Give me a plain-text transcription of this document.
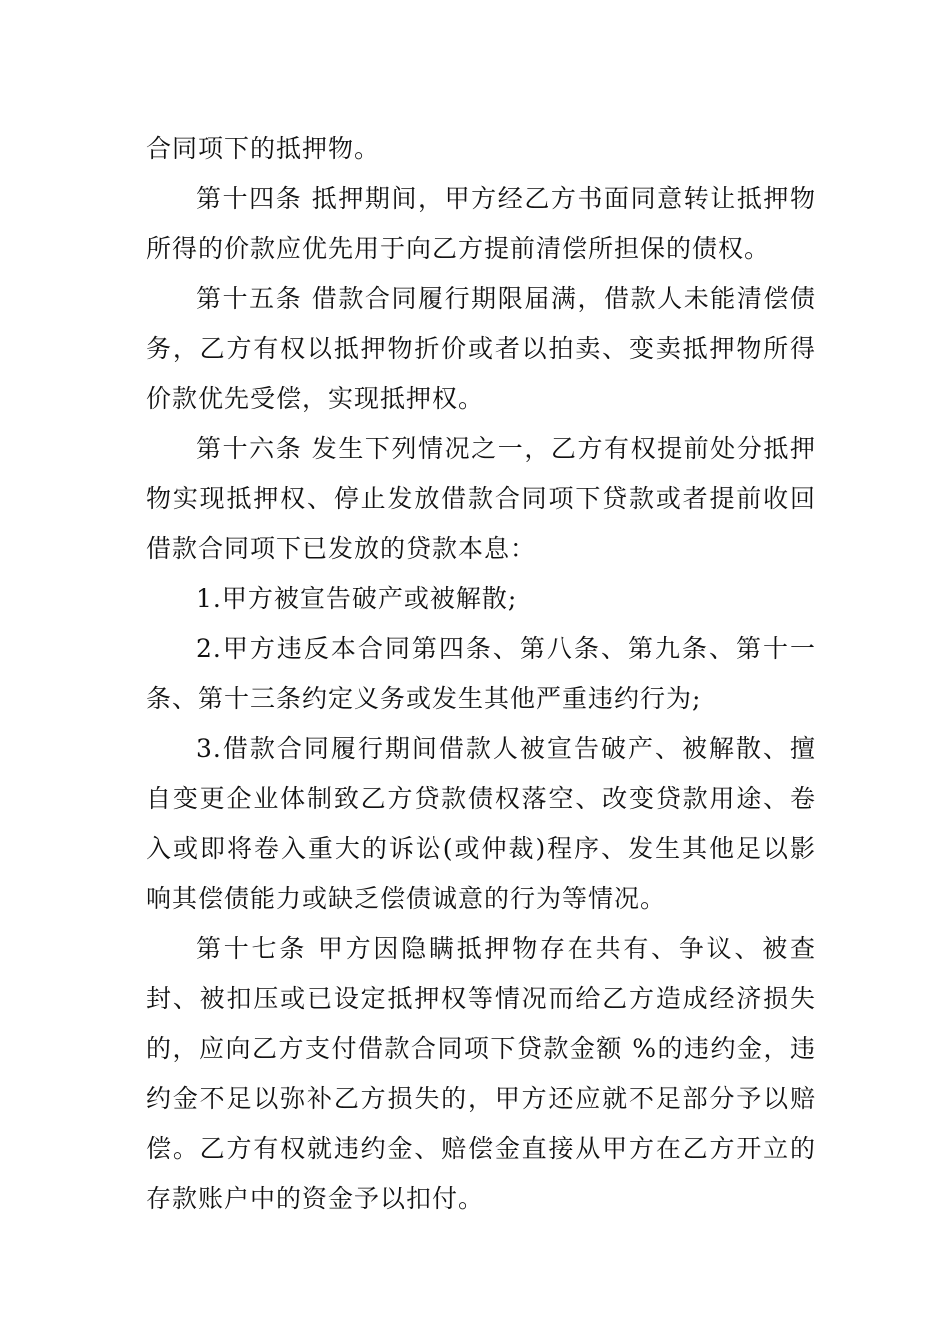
合同项下的抵押物。

第十四条 抵押期间，甲方经乙方书面同意转让抵押物所得的价款应优先用于向乙方提前清偿所担保的债权。

第十五条 借款合同履行期限届满，借款人未能清偿债务，乙方有权以抵押物折价或者以拍卖、变卖抵押物所得价款优先受偿，实现抵押权。

第十六条 发生下列情况之一，乙方有权提前处分抵押物实现抵押权、停止发放借款合同项下贷款或者提前收回借款合同项下已发放的贷款本息：

1.甲方被宣告破产或被解散;

2.甲方违反本合同第四条、第八条、第九条、第十一条、第十三条约定义务或发生其他严重违约行为;

3.借款合同履行期间借款人被宣告破产、被解散、擅自变更企业体制致乙方贷款债权落空、改变贷款用途、卷入或即将卷入重大的诉讼(或仲裁)程序、发生其他足以影响其偿债能力或缺乏偿债诚意的行为等情况。

第十七条 甲方因隐瞒抵押物存在共有、争议、被查封、被扣压或已设定抵押权等情况而给乙方造成经济损失的，应向乙方支付借款合同项下贷款金额 %的违约金，违约金不足以弥补乙方损失的，甲方还应就不足部分予以赔偿。乙方有权就违约金、赔偿金直接从甲方在乙方开立的存款账户中的资金予以扣付。
